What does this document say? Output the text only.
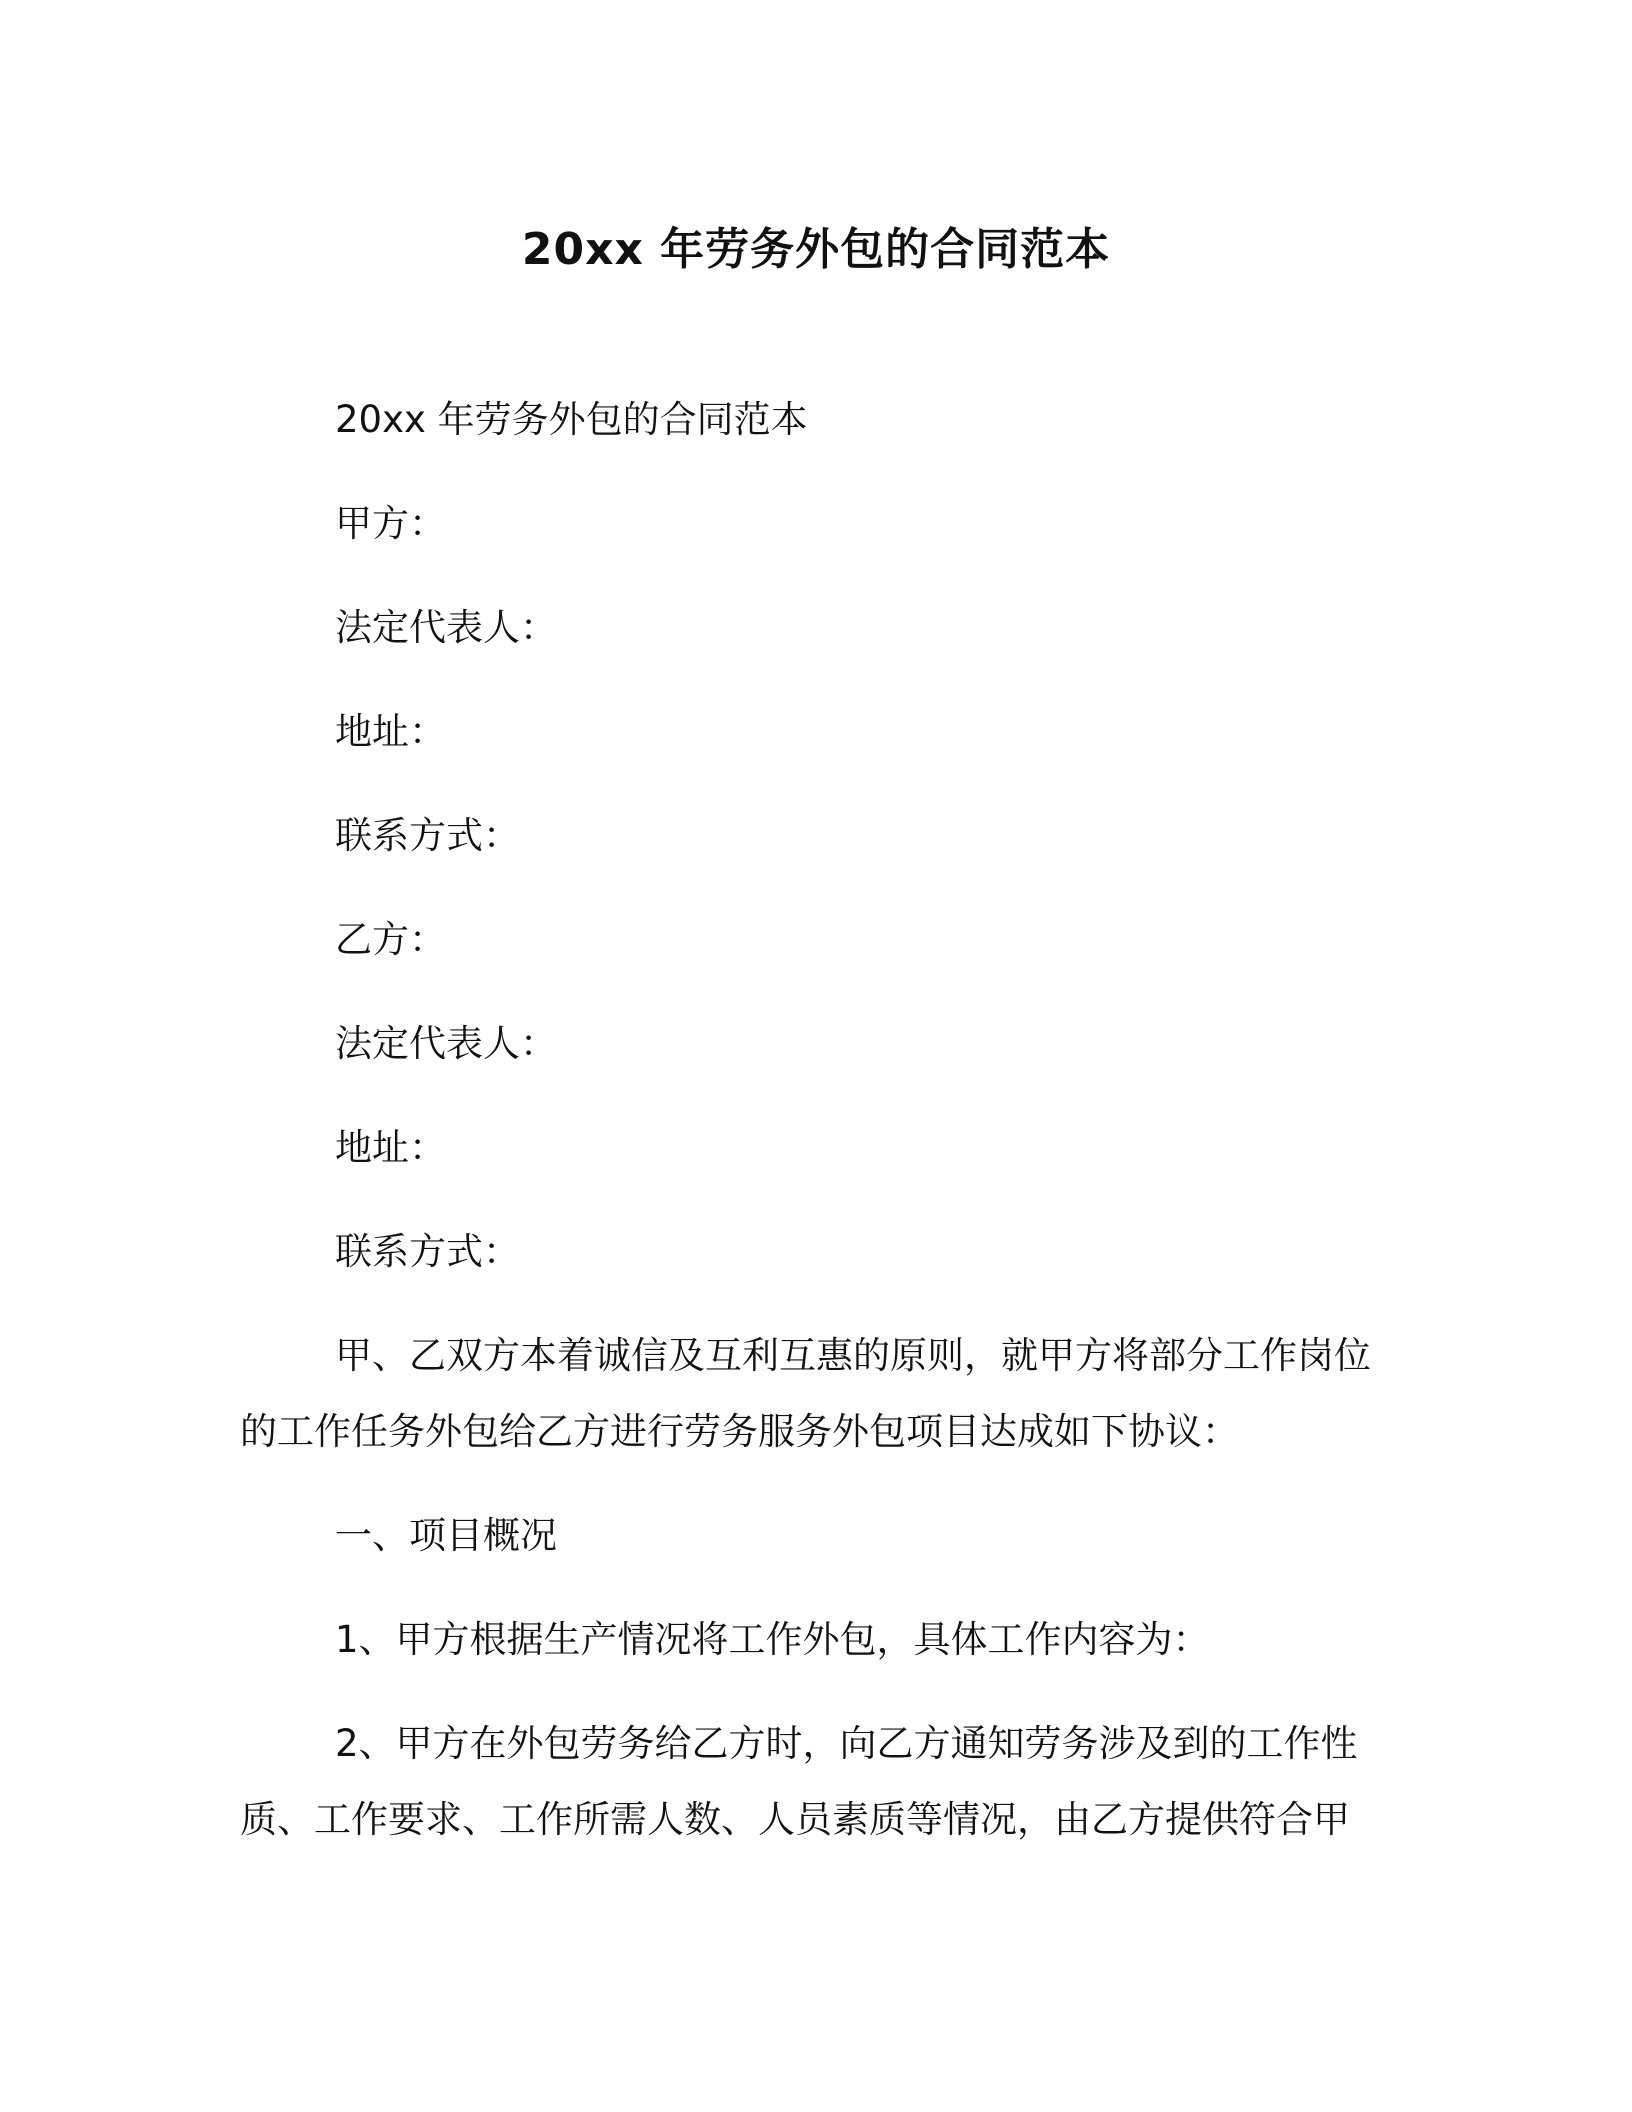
20xx 年劳务外包的合同范本
20xx 年劳务外包的合同范本
甲方：
法定代表人：
地址：
联系方式：
乙方：
法定代表人：
地址：
联系方式：
甲、乙双方本着诚信及互利互惠的原则，就甲方将部分工作岗位
的工作任务外包给乙方进行劳务服务外包项目达成如下协议：
一、项目概况
1、甲方根据生产情况将工作外包，具体工作内容为：
2、甲方在外包劳务给乙方时，向乙方通知劳务涉及到的工作性
质、工作要求、工作所需人数、人员素质等情况，由乙方提供符合甲
